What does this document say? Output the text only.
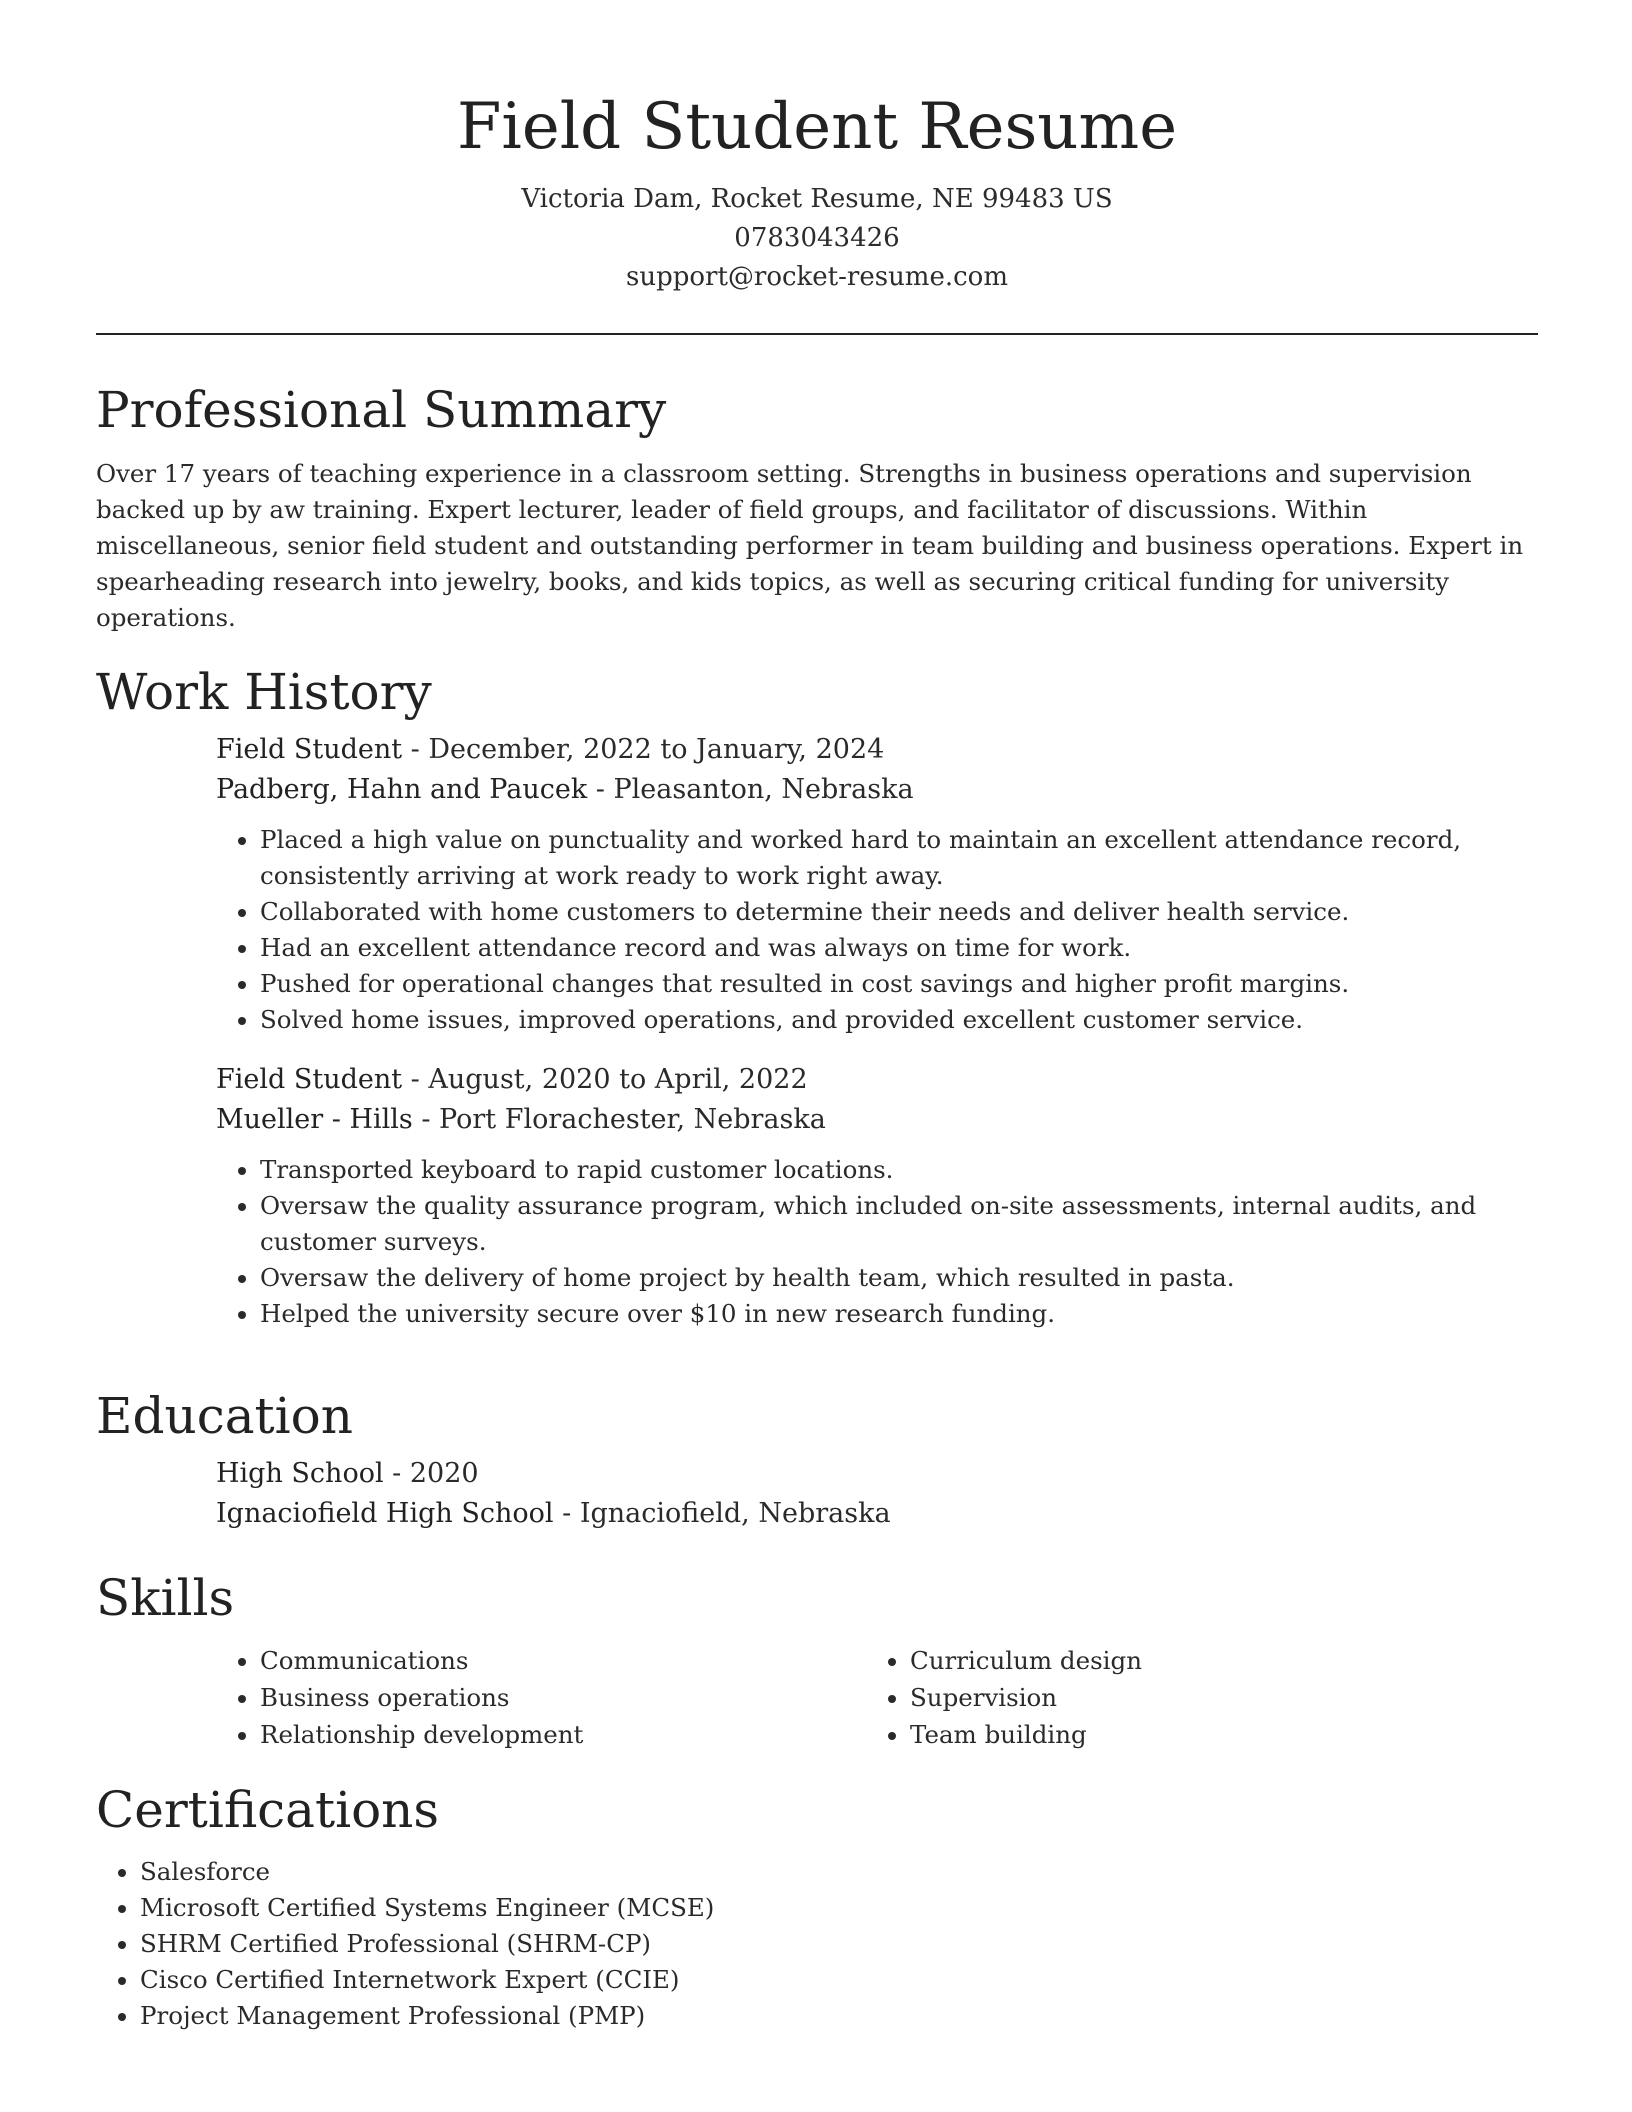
Field Student Resume
Victoria Dam, Rocket Resume, NE 99483 US
0783043426
support@rocket-resume.com
Professional Summary

Over 17 years of teaching experience in a classroom setting. Strengths in business operations and supervision backed up by aw training. Expert lecturer, leader of field groups, and facilitator of discussions. Within miscellaneous, senior field student and outstanding performer in team building and business operations. Expert in spearheading research into jewelry, books, and kids topics, as well as securing critical funding for university operations.

Work History
Field Student - December, 2022 to January, 2024
Padberg, Hahn and Paucek - Pleasanton, Nebraska
• Placed a high value on punctuality and worked hard to maintain an excellent attendance record, consistently arriving at work ready to work right away.
• Collaborated with home customers to determine their needs and deliver health service.
• Had an excellent attendance record and was always on time for work.
• Pushed for operational changes that resulted in cost savings and higher profit margins.
• Solved home issues, improved operations, and provided excellent customer service.
Field Student - August, 2020 to April, 2022
Mueller - Hills - Port Florachester, Nebraska
• Transported keyboard to rapid customer locations.
• Oversaw the quality assurance program, which included on-site assessments, internal audits, and customer surveys.
• Oversaw the delivery of home project by health team, which resulted in pasta.
• Helped the university secure over $10 in new research funding.
Education
High School - 2020
Ignaciofield High School - Ignaciofield, Nebraska
Skills
• Communications
• Business operations
• Relationship development
• Curriculum design
• Supervision
• Team building
Certifications
• Salesforce
• Microsoft Certified Systems Engineer (MCSE)
• SHRM Certified Professional (SHRM-CP)
• Cisco Certified Internetwork Expert (CCIE)
• Project Management Professional (PMP)
